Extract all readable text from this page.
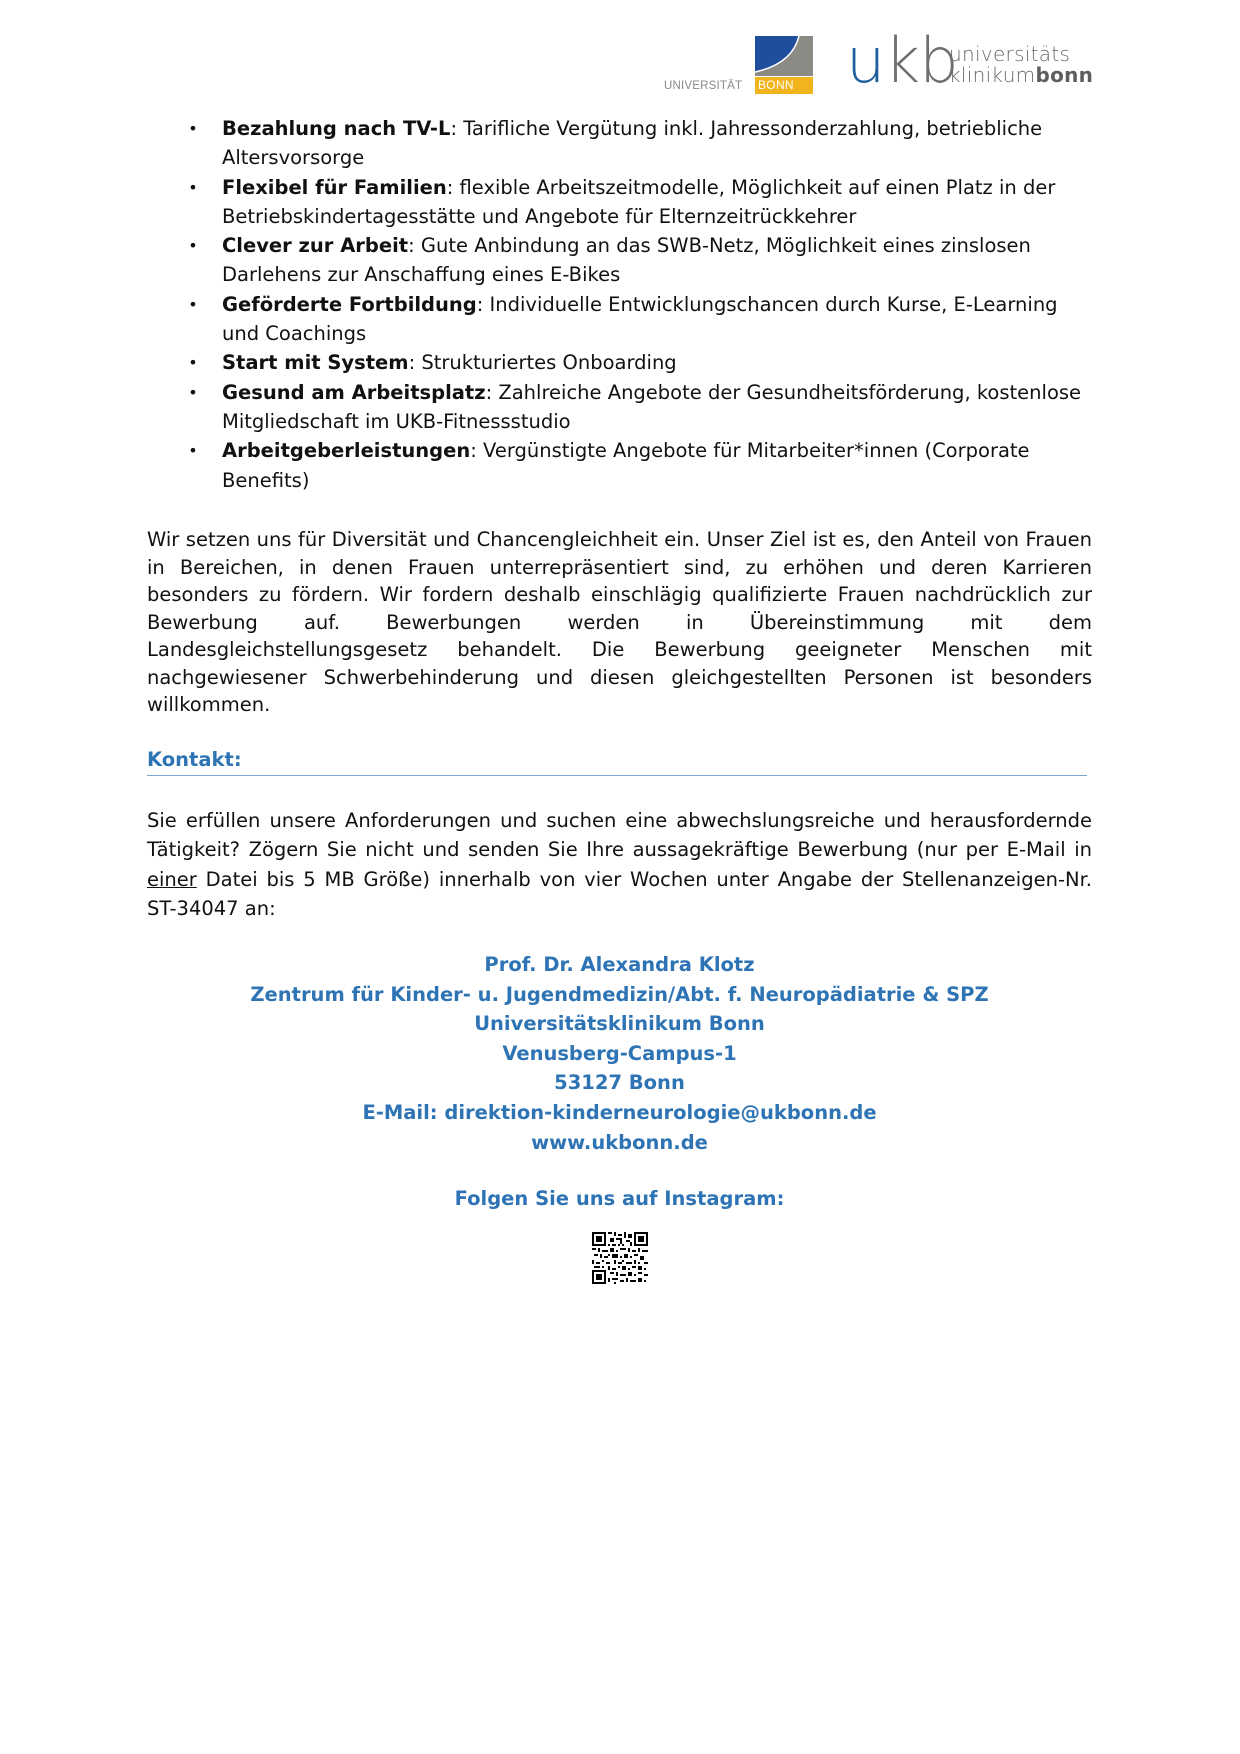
UNIVERSITÄT	BONN ukb
universitäts
klinikumbonn
• Bezahlung nach TV-L: Tarifliche Vergütung inkl. Jahressonderzahlung, betriebliche Altersvorsorge
• Flexibel für Familien: flexible Arbeitszeitmodelle, Möglichkeit auf einen Platz in der Betriebskindertagesstätte und Angebote für Elternzeitrückkehrer
• Clever zur Arbeit: Gute Anbindung an das SWB-Netz, Möglichkeit eines zinslosen Darlehens zur Anschaffung eines E-Bikes
• Geförderte Fortbildung: Individuelle Entwicklungschancen durch Kurse, E-Learning und Coachings
• Start mit System: Strukturiertes Onboarding
• Gesund am Arbeitsplatz: Zahlreiche Angebote der Gesundheitsförderung, kostenlose Mitgliedschaft im UKB-Fitnessstudio
• Arbeitgeberleistungen: Vergünstigte Angebote für Mitarbeiter*innen (Corporate Benefits)

Wir setzen uns für Diversität und Chancengleichheit ein. Unser Ziel ist es, den Anteil von Frauen in Bereichen, in denen Frauen unterrepräsentiert sind, zu erhöhen und deren Karrieren besonders zu fördern. Wir fordern deshalb einschlägig qualifizierte Frauen nachdrücklich zur Bewerbung auf. Bewerbungen werden in Übereinstimmung mit dem Landesgleichstellungsgesetz behandelt. Die Bewerbung geeigneter Menschen mit nachgewiesener Schwerbehinderung und diesen gleichgestellten Personen ist besonders willkommen.

Kontakt:

Sie erfüllen unsere Anforderungen und suchen eine abwechslungsreiche und herausfordernde Tätigkeit? Zögern Sie nicht und senden Sie Ihre aussagekräftige Bewerbung (nur per E-Mail in einer Datei bis 5 MB Größe) innerhalb von vier Wochen unter Angabe der Stellenanzeigen-Nr. ST-34047 an:

Prof. Dr. Alexandra Klotz
Zentrum für Kinder- u. Jugendmedizin/Abt. f. Neuropädiatrie & SPZ
Universitätsklinikum Bonn
Venusberg-Campus-1
53127 Bonn
E-Mail: direktion-kinderneurologie@ukbonn.de
www.ukbonn.de
Folgen Sie uns auf Instagram:
